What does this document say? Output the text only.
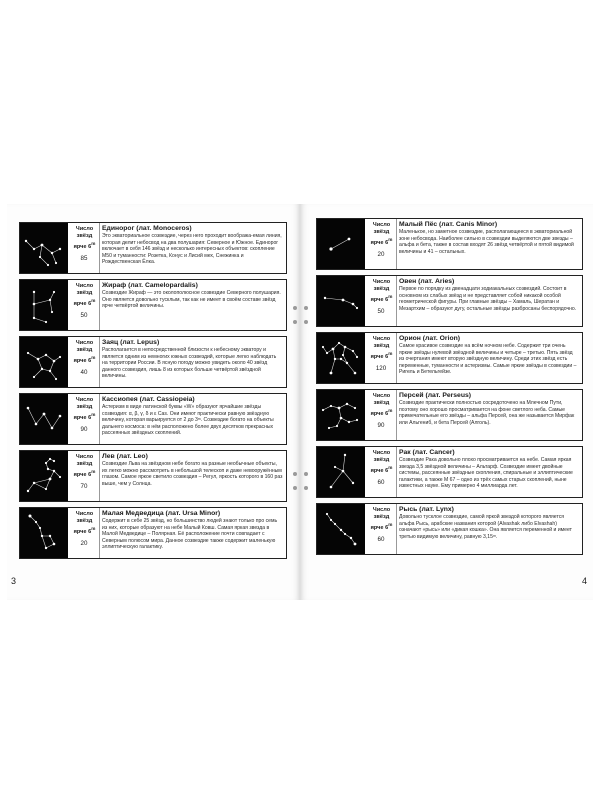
Число звёзд ярче 6$^m$
85
Единорог (лат. Monoceros)
Это экваториальное созвездие, через него проходит вообража-емая линия, которая делит небосвод на два полушария: Северное и Южное. Единорог включает в себя 146 звёзд и несколько интересных объектов: скопление М50 и туманности: Розетка, Конус и Лисий мех, Снежинка и Рождественская Ёлка.
Число звёзд ярче 6$^m$
50
Жираф (лат. Camelopardalis)
Созвездие Жираф — это околополюсное созвездие Северного полушария. Оно является довольно тусклым, так как не имеет в своём составе звёзд ярче четвёртой величины.
Число звёзд ярче 6$^m$
40
Заяц (лат. Lepus)
Располагается в непосредственной близости к небесному экватору и является одним из немногих южных созвездий, которые легко наблюдать на территории России. В ясную погоду можно увидеть около 40 звёзд данного созвездия, лишь 8 из которых больше четвёртой звёздной величины.
Число звёзд ярче 6$^m$
90
Кассиопея (лат. Cassiopeia)
Астеризм в виде латинской буквы «W» образуют ярчайшие звёзды созвездия: α, β, γ, δ и ε Cas. Они имеют практически равную звёздную величину, которая варьируется от 2 до 3ᵐ. Созвездие богато на объекты дальнего космоса: в нём расположено более двух десятков прекрасных рассеянных звёздных скоплений.
Число звёзд ярче 6$^m$
70
Лев (лат. Leo)
Созвездие Льва на звёздном небе богато на разные необычные объекты, их легко можно рассмотреть в небольшой телескоп и даже невооружённым глазом. Самое яркое светило созвездия – Регул, яркость которого в 160 раз выше, чем у Солнца.
Число звёзд ярче 6$^m$
20
Малая Медведица (лат. Ursa Minor)
Содержит в себе 25 звёзд, но большинство людей знают только про семь из них, которые образуют на небе Малый Ковш. Самая яркая звезда в Малой Медведице – Полярная. Её расположение почти совпадает с Северным полюсом мира. Данное созвездие также содержит маленькую эллиптическую галактику.
3
Число звёзд ярче 6$^m$
20
Малый Пёс (лат. Canis Minor)
Маленькое, но заметное созвездие, располагающееся в экваториальной зоне небосвода. Наиболее сильно в созвездии выделяются две звезды – альфа и бета, также в состав входят 26 звёзд четвёртой и пятой видимой величины и 41 – остальных.
Число звёзд ярче 6$^m$
50
Овен (лат. Aries)
Первое по порядку из двенадцати зодиакальных созвездий. Состоит в основном из слабых звёзд и не представляет собой никакой особой геометрической фигуры. При главные звёзды – Хамаль, Шератан и Мезартхим – образуют дугу, остальные звёзды разбросаны беспорядочно.
Число звёзд ярче 6$^m$
120
Орион (лат. Orion)
Самое красивое созвездие на всём ночном небе. Содержит три очень яркие звёзды нулевой звёздной величины и четыре – третью. Пять звёзд из очертания имеют вторую звёздную величину. Среди этих звёзд есть переменные, туманности и астеризмы. Самые яркие звёзды в созвездии – Ригель и Бетельгейзе.
Число звёзд ярче 6$^m$
90
Персей (лат. Perseus)
Созвездие практически полностью сосредоточено на Млечном Пути, поэтому оно хорошо просматривается на фоне светлого неба. Самые примечательные его звёзды – альфа Персей, она же называется Мирфак или Альгениб, и бета Персей (Алголь).
Число звёзд ярче 6$^m$
60
Рак (лат. Cancer)
Созвездие Рака довольно плохо просматривается на небе. Самая яркая звезда 3,5 звёздной величины – Альтарф. Созвездие имеет двойные системы, рассеянные звёздные скопления, спиральные и эллиптические галактики, а также М 67 – одно из трёх самых старых скоплений, ныне известных науке. Ему примерно 4 миллиарда лет.
Число звёзд ярче 6$^m$
60
Рысь (лат. Lynx)
Довольно тусклое созвездие, самой яркой звездой которого является альфа Рысь, арабские названия которой (Alvashak либо Elvashah) означают «рысь» или «дикая кошка». Она является переменной и имеет третью видимую величину, равную 3,15ᵐ.
4
